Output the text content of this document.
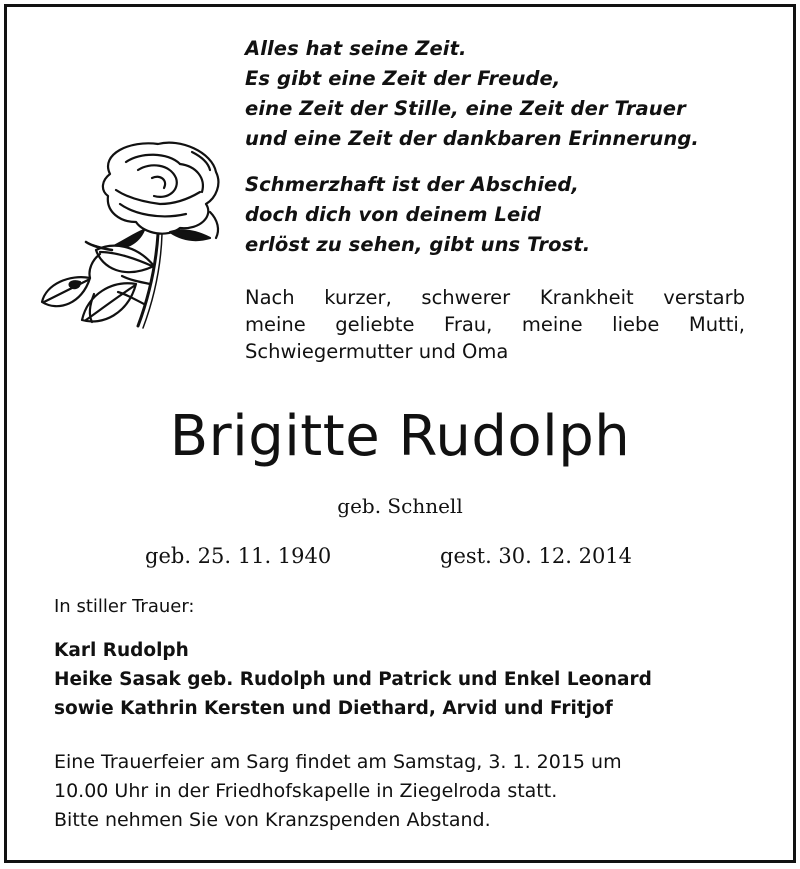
Alles hat seine Zeit.
Es gibt eine Zeit der Freude,
eine Zeit der Stille, eine Zeit der Trauer
und eine Zeit der dankbaren Erinnerung.
Schmerzhaft ist der Abschied,
doch dich von deinem Leid
erlöst zu sehen, gibt uns Trost.
Nach kurzer, schwerer Krankheit verstarb
meine geliebte Frau, meine liebe Mutti,
Schwiegermutter und Oma
Brigitte Rudolph
geb. Schnell
geb. 25. 11. 1940	gest. 30. 12. 2014
In stiller Trauer:
Karl Rudolph
Heike Sasak geb. Rudolph und Patrick und Enkel Leonard
sowie Kathrin Kersten und Diethard, Arvid und Fritjof
Eine Trauerfeier am Sarg findet am Samstag, 3. 1. 2015 um
10.00 Uhr in der Friedhofskapelle in Ziegelroda statt.
Bitte nehmen Sie von Kranzspenden Abstand.
